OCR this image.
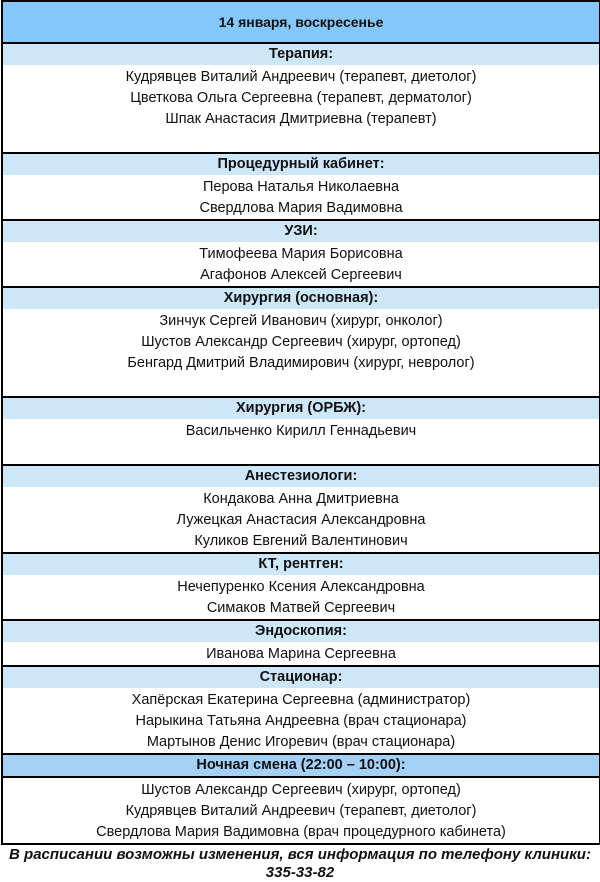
14 января, воскресенье
Терапия:
Кудрявцев Виталий Андреевич (терапевт, диетолог)
Цветкова Ольга Сергеевна (терапевт, дерматолог)
Шпак Анастасия Дмитриевна (терапевт)
Процедурный кабинет:
Перова Наталья Николаевна
Свердлова Мария Вадимовна
УЗИ:
Тимофеева Мария Борисовна
Агафонов Алексей Сергеевич
Хирургия (основная):
Зинчук Сергей Иванович (хирург, онколог)
Шустов Александр Сергеевич (хирург, ортопед)
Бенгард Дмитрий Владимирович (хирург, невролог)
Хирургия (ОРБЖ):
Васильченко Кирилл Геннадьевич
Анестезиологи:
Кондакова Анна Дмитриевна
Лужецкая Анастасия Александровна
Куликов Евгений Валентинович
КТ, рентген:
Нечепуренко Ксения Александровна
Симаков Матвей Сергеевич
Эндоскопия:
Иванова Марина Сергеевна
Стационар:
Хапёрская Екатерина Сергеевна (администратор)
Нарыкина Татьяна Андреевна (врач стационара)
Мартынов Денис Игоревич (врач стационара)
Ночная смена (22:00 – 10:00):
Шустов Александр Сергеевич (хирург, ортопед)
Кудрявцев Виталий Андреевич (терапевт, диетолог)
Свердлова Мария Вадимовна (врач процедурного кабинета)
В расписании возможны изменения, вся информация по телефону клиники:
335-33-82
